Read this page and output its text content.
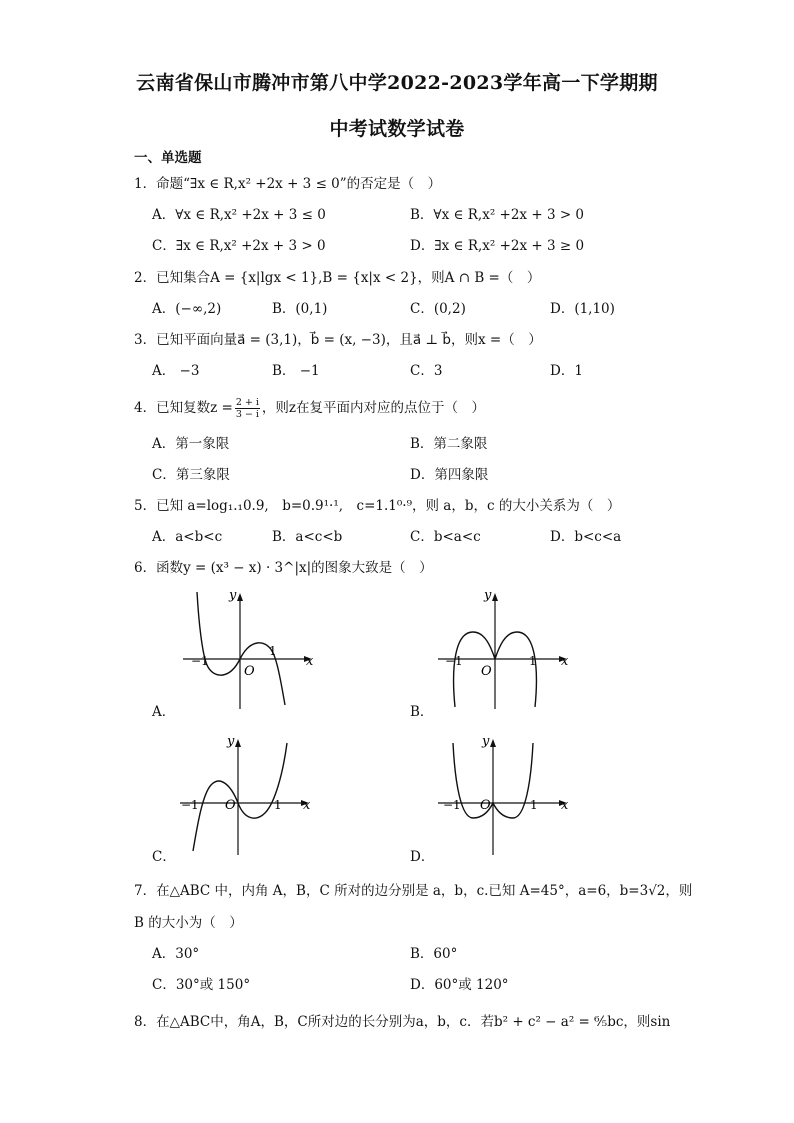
云南省保山市腾冲市第八中学2022-2023学年高一下学期期
中考试数学试卷
一、单选题
1．命题“∃x ∈ R,x² +2x + 3 ≤ 0”的否定是（　）
A．∀x ∈ R,x² +2x + 3 ≤ 0	B．∀x ∈ R,x² +2x + 3 > 0
C．∃x ∈ R,x² +2x + 3 > 0	D．∃x ∈ R,x² +2x + 3 ≥ 0
2．已知集合A = {x|lgx < 1},B = {x|x < 2}，则A ∩ B =（　）
A．(−∞,2)	B．(0,1)	C．(0,2)	D．(1,10)
3．已知平面向量a⃗ = (3,1)，b⃗ = (x, −3)，且a⃗ ⊥ b⃗，则x =（　）
A． −3	B． −1	C．3	D．1
4．已知复数$z = \frac{2 + i}{3 - i}$ ，则z在复平面内对应的点位于（　）
A．第一象限	B．第二象限
C．第三象限	D．第四象限
5．已知 a=log₁.₁0.9,　b=0.9¹·¹,　c=1.1⁰·⁹，则 a，b，c 的大小关系为（　）
A．a<b<c	B．a<c<b	C．b<a<c	D．b<c<a
6．函数y = (x³ − x) · 3^|x|的图象大致是（　）
y
x
O
−1
1
A．
y
x
O
−1	1
B．
y
x
O
−1	1
C．
y
x
O
−1	1
D．
7．在△ABC 中，内角 A，B，C 所对的边分别是 a，b，c.已知 A=45°，a=6，b=3√2，则
B 的大小为（　）
A．30°	B．60°
C．30°或 150°	D．60°或 120°
8．在△ABC中，角A，B，C所对边的长分别为a，b，c．若b² + c² − a² = ⁶⁄₅bc，则sin
